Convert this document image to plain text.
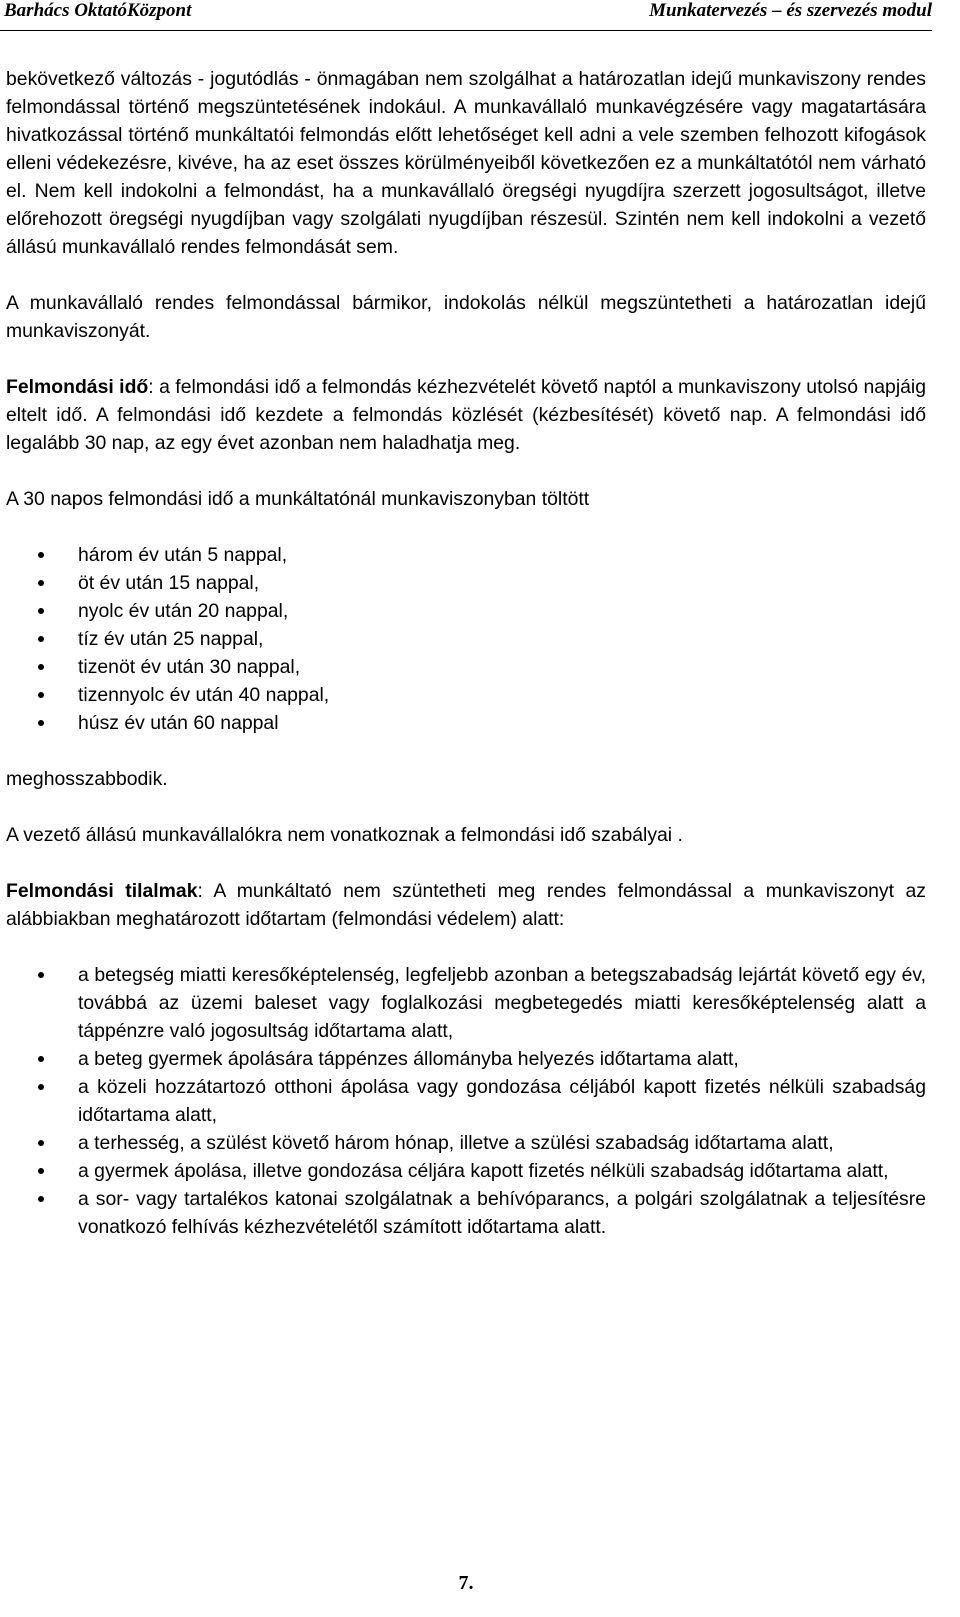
Barhács OktatóKözpont	Munkatervezés – és szervezés modul

bekövetkező változás - jogutódlás - önmagában nem szolgálhat a határozatlan idejű munkaviszony rendes felmondással történő megszüntetésének indokául. A munkavállaló munkavégzésére vagy magatartására hivatkozással történő munkáltatói felmondás előtt lehetőséget kell adni a vele szemben felhozott kifogások elleni védekezésre, kivéve, ha az eset összes körülményeiből következően ez a munkáltatótól nem várható el. Nem kell indokolni a felmondást, ha a munkavállaló öregségi nyugdíjra szerzett jogosultságot, illetve előrehozott öregségi nyugdíjban vagy szolgálati nyugdíjban részesül. Szintén nem kell indokolni a vezető állású munkavállaló rendes felmondását sem.

A munkavállaló rendes felmondással bármikor, indokolás nélkül megszüntetheti a határozatlan idejű munkaviszonyát.

Felmondási idő: a felmondási idő a felmondás kézhezvételét követő naptól a munkaviszony utolsó napjáig eltelt idő. A felmondási idő kezdete a felmondás közlését (kézbesítését) követő nap. A felmondási idő legalább 30 nap, az egy évet azonban nem haladhatja meg.

A 30 napos felmondási idő a munkáltatónál munkaviszonyban töltött

három év után 5 nappal,
öt év után 15 nappal,
nyolc év után 20 nappal,
tíz év után 25 nappal,
tizenöt év után 30 nappal,
tizennyolc év után 40 nappal,
húsz év után 60 nappal

meghosszabbodik.

A vezető állású munkavállalókra nem vonatkoznak a felmondási idő szabályai .

Felmondási tilalmak: A munkáltató nem szüntetheti meg rendes felmondással a munkaviszonyt az alábbiakban meghatározott időtartam (felmondási védelem) alatt:

a betegség miatti keresőképtelenség, legfeljebb azonban a betegszabadság lejártát követő egy év, továbbá az üzemi baleset vagy foglalkozási megbetegedés miatti keresőképtelenség alatt a táppénzre való jogosultság időtartama alatt,
a beteg gyermek ápolására táppénzes állományba helyezés időtartama alatt,
a közeli hozzátartozó otthoni ápolása vagy gondozása céljából kapott fizetés nélküli szabadság időtartama alatt,
a terhesség, a szülést követő három hónap, illetve a szülési szabadság időtartama alatt,
a gyermek ápolása, illetve gondozása céljára kapott fizetés nélküli szabadság időtartama alatt,
a sor- vagy tartalékos katonai szolgálatnak a behívóparancs, a polgári szolgálatnak a teljesítésre vonatkozó felhívás kézhezvételétől számított időtartama alatt.
7.
